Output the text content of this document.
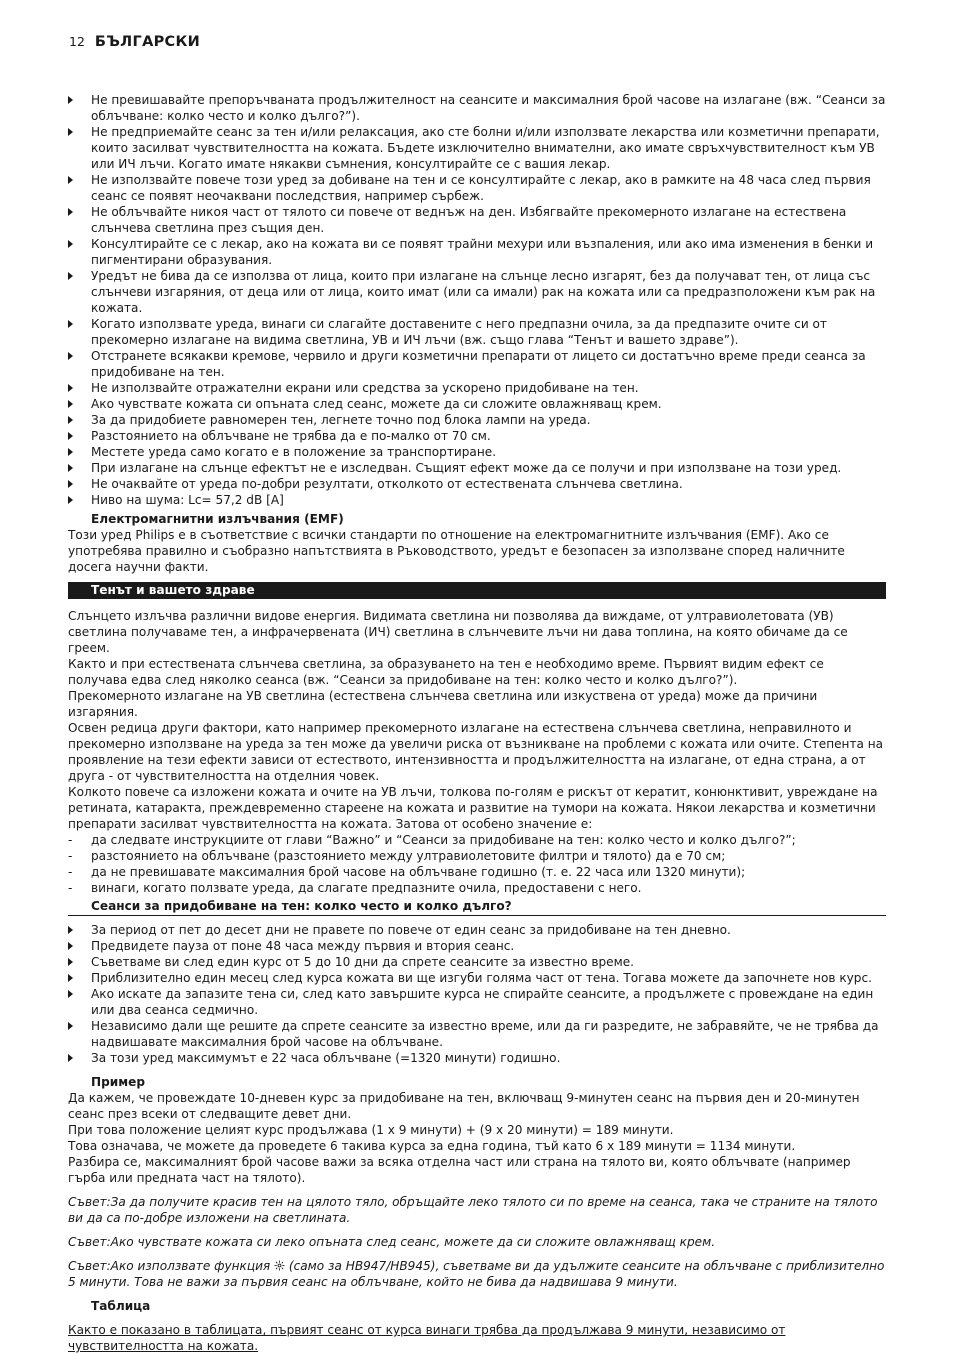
12 БЪЛГАРСКИ
Не превишавайте препоръчваната продължителност на сеансите и максималния брой часове на излагане (вж. “Сеанси за облъчване: колко често и колко дълго?”).
Не предприемайте сеанс за тен и/или релаксация, ако сте болни и/или използвате лекарства или козметични препарати, които засилват чувствителността на кожата. Бъдете изключително внимателни, ако имате свръхчувствителност към УВ или ИЧ лъчи. Когато имате някакви съмнения, консултирайте се с вашия лекар.
Не използвайте повече този уред за добиване на тен и се консултирайте с лекар, ако в рамките на 48 часа след първия сеанс се появят неочаквани последствия, например сърбеж.
Не облъчвайте никоя част от тялото си повече от веднъж на ден. Избягвайте прекомерното излагане на естествена слънчева светлина през същия ден.
Консултирайте се с лекар, ако на кожата ви се появят трайни мехури или възпаления, или ако има изменения в бенки и пигментирани образувания.
Уредът не бива да се използва от лица, които при излагане на слънце лесно изгарят, без да получават тен, от лица със слънчеви изгаряния, от деца или от лица, които имат (или са имали) рак на кожата или са предразположени към рак на кожата.
Когато използвате уреда, винаги си слагайте доставените с него предпазни очила, за да предпазите очите си от прекомерно излагане на видима светлина, УВ и ИЧ лъчи (вж. също глава “Тенът и вашето здраве”).
Отстранете всякакви кремове, червило и други козметични препарати от лицето си достатъчно време преди сеанса за придобиване на тен.
Не използвайте отражателни екрани или средства за ускорено придобиване на тен.
Ако чувствате кожата си опъната след сеанс, можете да си сложите овлажняващ крем.
За да придобиете равномерен тен, легнете точно под блока лампи на уреда.
Разстоянието на облъчване не трябва да е по-малко от 70 см.
Местете уреда само когато е в положение за транспортиране.
При излагане на слънце ефектът не е изследван. Същият ефект може да се получи и при използване на този уред.
Не очаквайте от уреда по-добри резултати, отколкото от естествената слънчева светлина.
Ниво на шума: Lc= 57,2 dB [A]
Електромагнитни излъчвания (EMF)

Този уред Philips е в съответствие с всички стандарти по отношение на електромагнитните излъчвания (EMF). Ако се употребява правилно и съобразно напътствията в Ръководството, уредът е безопасен за използване според наличните досега научни факти.

Тенът и вашето здраве

Слънцето излъчва различни видове енергия. Видимата светлина ни позволява да виждаме, от ултравиолетовата (УВ) светлина получаваме тен, а инфрачервената (ИЧ) светлина в слънчевите лъчи ни дава топлина, на която обичаме да се греем.

Както и при естествената слънчева светлина, за образуването на тен е необходимо време. Първият видим ефект се получава едва след няколко сеанса (вж. “Сеанси за придобиване на тен: колко често и колко дълго?”).

Прекомерното излагане на УВ светлина (естествена слънчева светлина или изкуствена от уреда) може да причини изгаряния.

Освен редица други фактори, като например прекомерното излагане на естествена слънчева светлина, неправилното и прекомерно използване на уреда за тен може да увеличи риска от възникване на проблеми с кожата или очите. Степента на проявление на тези ефекти зависи от естеството, интензивността и продължителността на излагане, от една страна, а от друга - от чувствителността на отделния човек.

Колкото повече са изложени кожата и очите на УВ лъчи, толкова по-голям е рискът от кератит, конюнктивит, увреждане на ретината, катаракта, преждевременно стареене на кожата и развитие на тумори на кожата. Някои лекарства и козметични препарати засилват чувствителността на кожата. Затова от особено значение е:

- да следвате инструкциите от глави “Важно” и “Сеанси за придобиване на тен: колко често и колко дълго?”;
- разстоянието на облъчване (разстоянието между ултравиолетовите филтри и тялото) да е 70 см;
- да не превишавате максималния брой часове на облъчване годишно (т. е. 22 часа или 1320 минути);
- винаги, когато ползвате уреда, да слагате предпазните очила, предоставени с него.
Сеанси за придобиване на тен: колко често и колко дълго?
За период от пет до десет дни не правете по повече от един сеанс за придобиване на тен дневно.
Предвидете пауза от поне 48 часа между първия и втория сеанс.
Съветваме ви след един курс от 5 до 10 дни да спрете сеансите за известно време.
Приблизително един месец след курса кожата ви ще изгуби голяма част от тена. Тогава можете да започнете нов курс.
Ако искате да запазите тена си, след като завършите курса не спирайте сеансите, а продължете с провеждане на един или два сеанса седмично.
Независимо дали ще решите да спрете сеансите за известно време, или да ги разредите, не забравяйте, че не трябва да надвишавате максималния брой часове на облъчване.
За този уред максимумът е 22 часа облъчване (=1320 минути) годишно.
Пример

Да кажем, че провеждате 10-дневен курс за придобиване на тен, включващ 9-минутен сеанс на първия ден и 20-минутен сеанс през всеки от следващите девет дни.

При това положение целият курс продължава (1 x 9 минути) + (9 x 20 минути) = 189 минути.

Това означава, че можете да проведете 6 такива курса за една година, тъй като 6 x 189 минути = 1134 минути.

Разбира се, максималният брой часове важи за всяка отделна част или страна на тялото ви, която облъчвате (например гърба или предната част на тялото).

Съвет:За да получите красив тен на цялото тяло, обръщайте леко тялото си по време на сеанса, така че страните на тялото ви да са по-добре изложени на светлината.

Съвет:Ако чувствате кожата си леко опъната след сеанс, можете да си сложите овлажняващ крем.

Съвет:Ако използвате функция  (само за HB947/HB945), съветваме ви да удължите сеансите на облъчване с приблизително 5 минути. Това не важи за първия сеанс на облъчване, който не бива да надвишава 9 минути.

Таблица

Както е показано в таблицата, първият сеанс от курса винаги трябва да продължава 9 минути, независимо от чувствителността на кожата.
